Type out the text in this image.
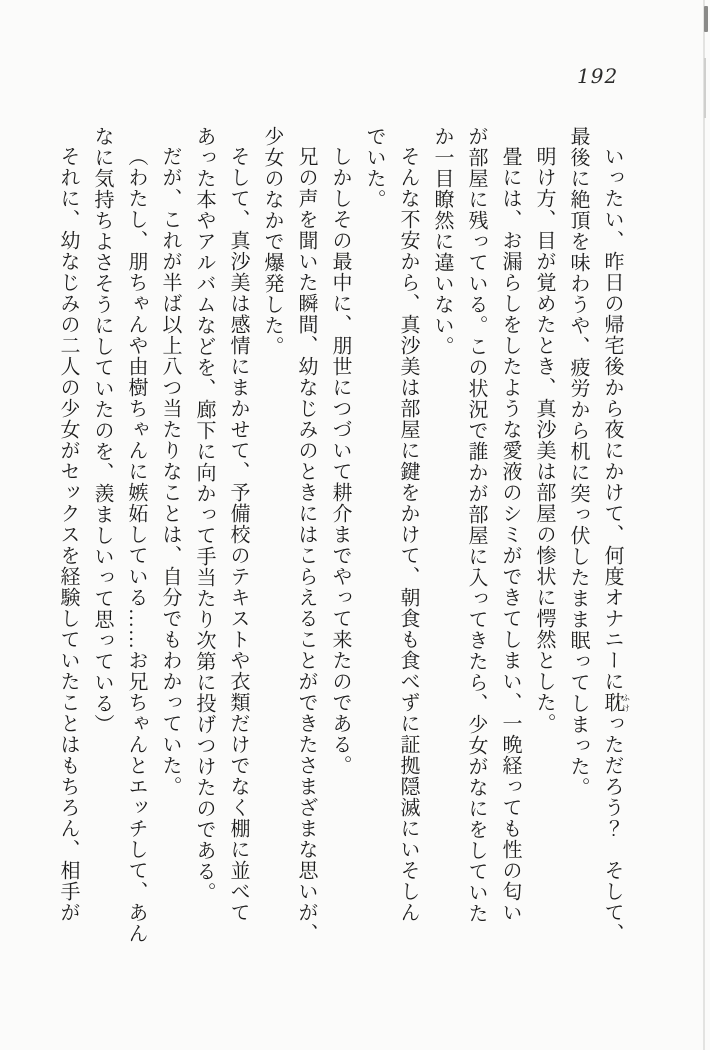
192

いったい、昨日の帰宅後から夜にかけて、何度オナニーに耽ふけっただろう？　そして、

最後に絶頂を味わうや、疲労から机に突っ伏したまま眠ってしまった。

明け方、目が覚めたとき、真沙美は部屋の惨状に愕然とした。

畳には、お漏らしをしたような愛液のシミができてしまい、一晩経っても性の匂い

が部屋に残っている。この状況で誰かが部屋に入ってきたら、少女がなにをしていた

か一目瞭然に違いない。

そんな不安から、真沙美は部屋に鍵をかけて、朝食も食べずに証拠隠滅にいそしん

でいた。

しかしその最中に、朋世につづいて耕介までやって来たのである。

兄の声を聞いた瞬間、幼なじみのときにはこらえることができたさまざまな思いが、

少女のなかで爆発した。

そして、真沙美は感情にまかせて、予備校のテキストや衣類だけでなく棚に並べて

あった本やアルバムなどを、廊下に向かって手当たり次第に投げつけたのである。

だが、これが半ば以上八つ当たりなことは、自分でもわかっていた。

（わたし、朋ちゃんや由樹ちゃんに嫉妬している……お兄ちゃんとエッチして、あん

なに気持ちよさそうにしていたのを、羨ましいって思っている）

それに、幼なじみの二人の少女がセックスを経験していたことはもちろん、相手が
